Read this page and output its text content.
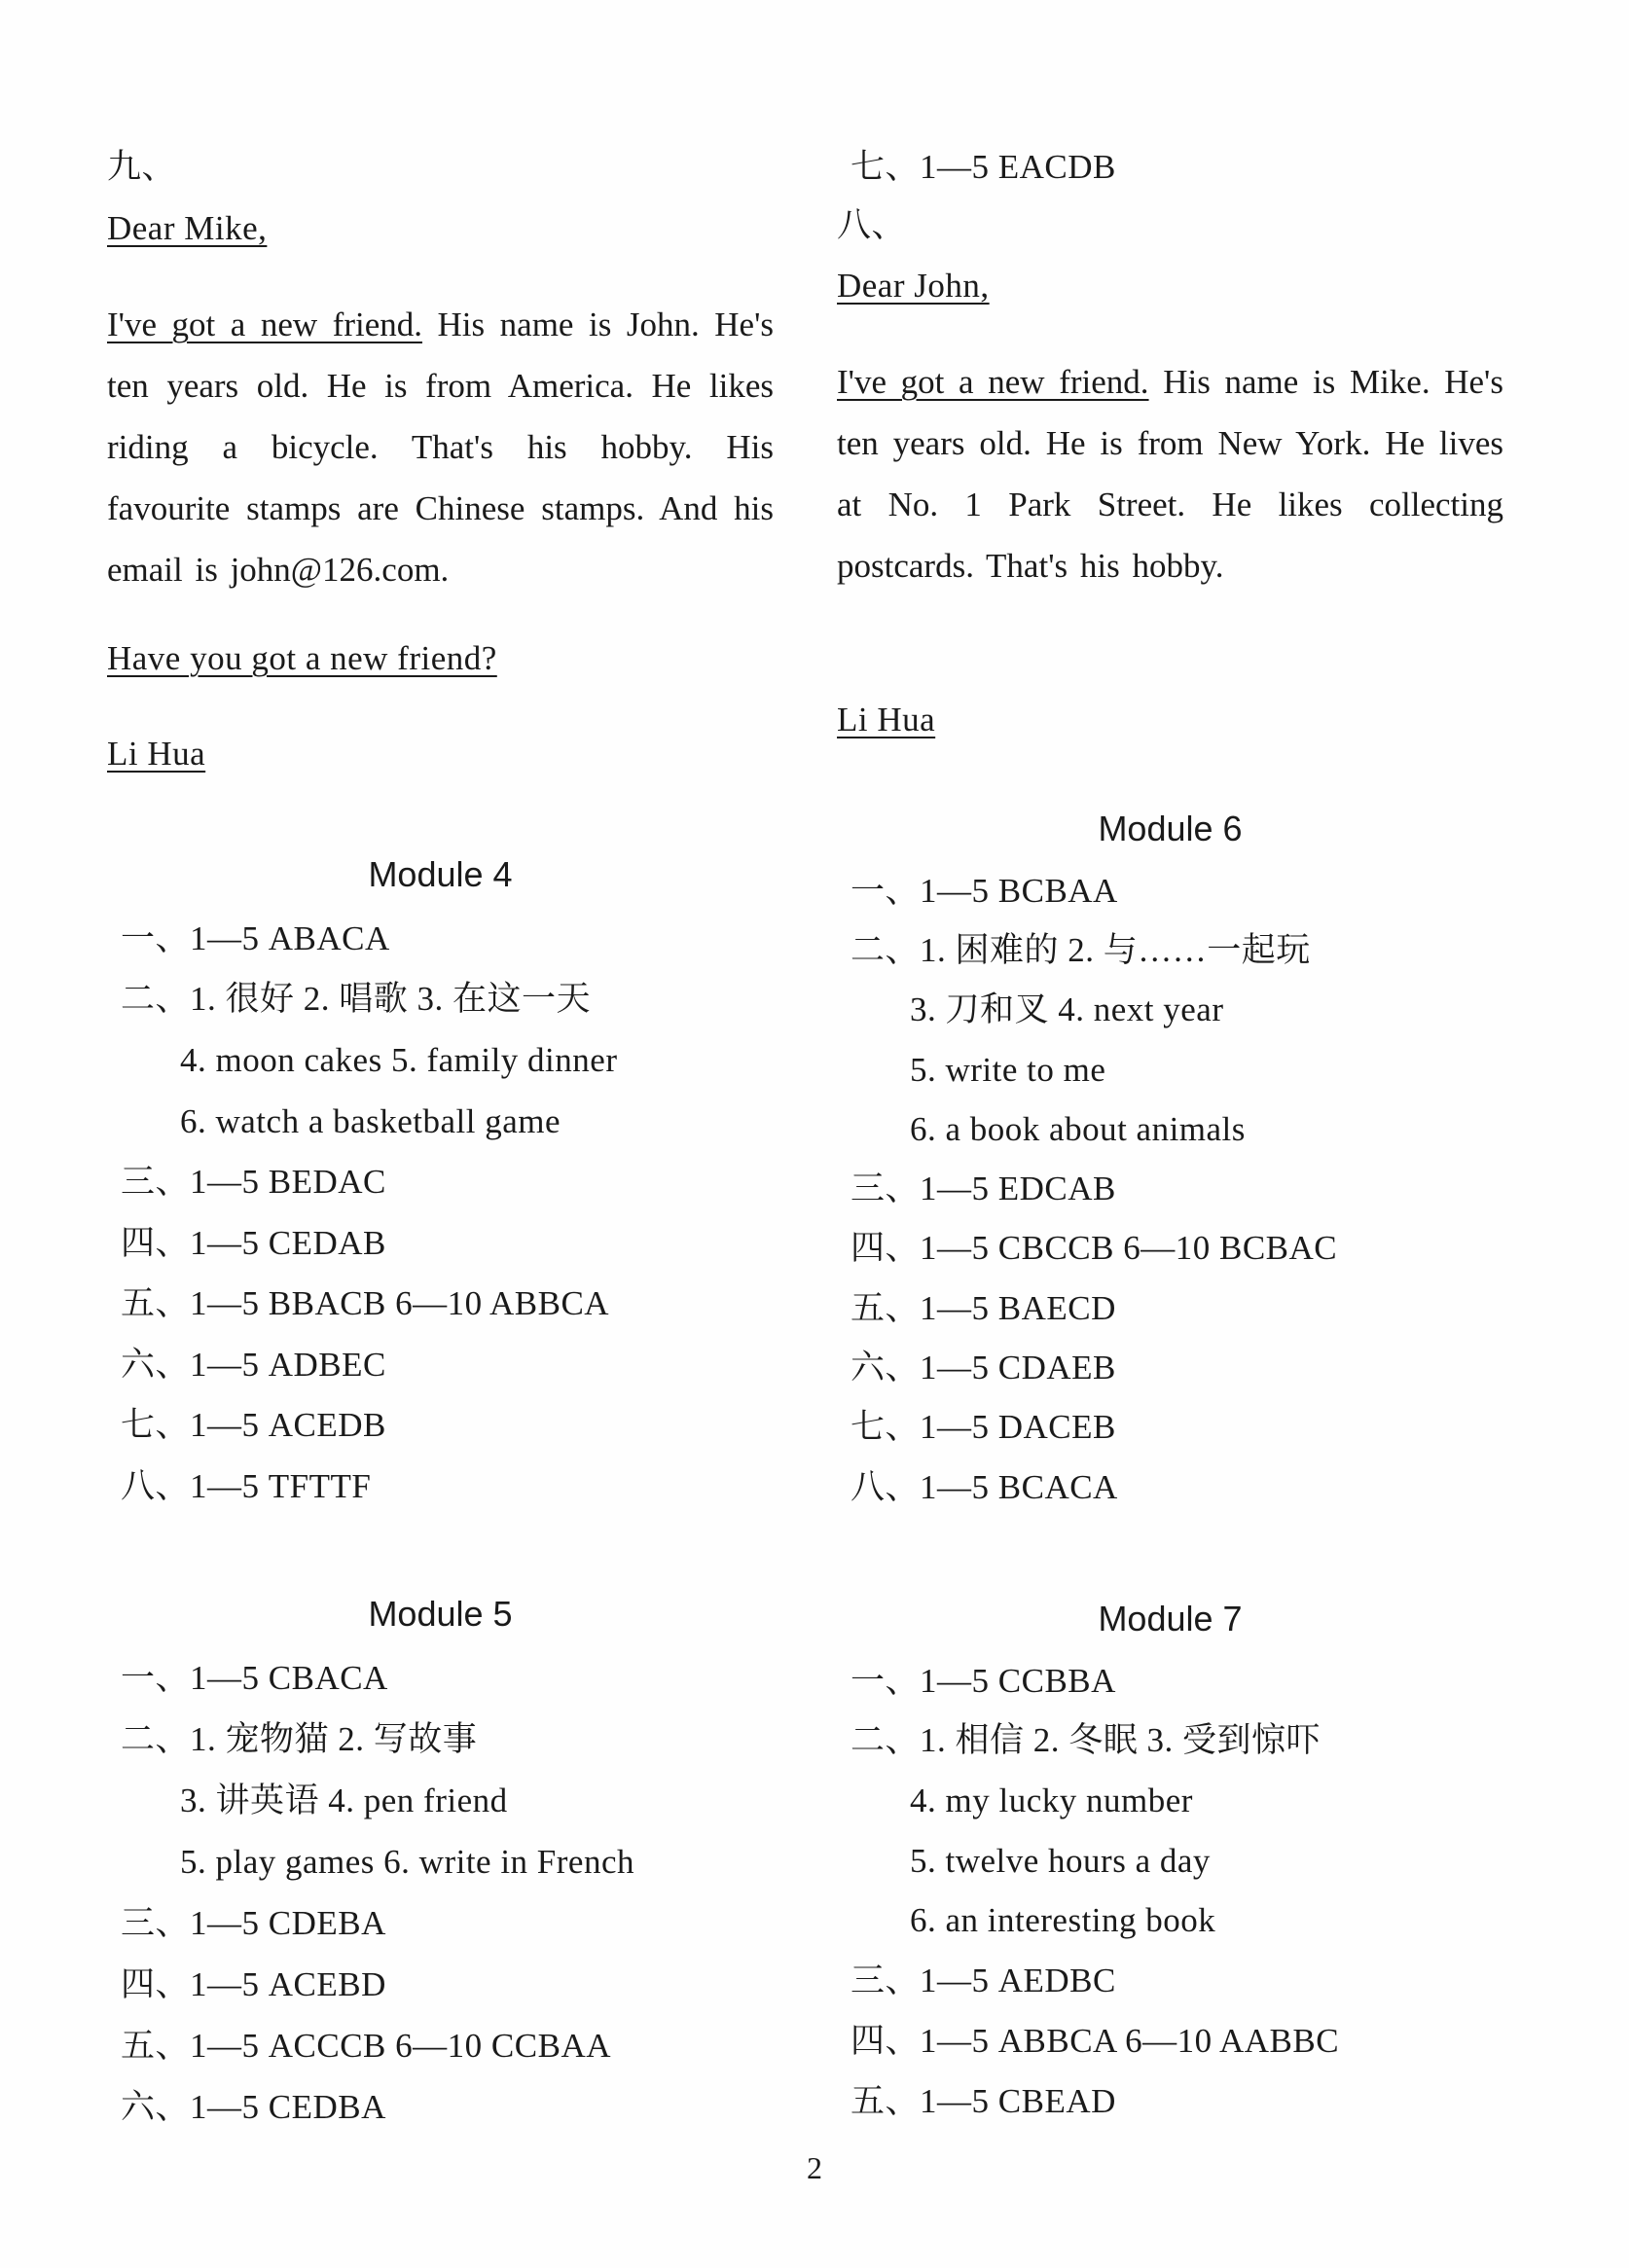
九、
Dear Mike,
I've got a new friend. His name is John. He's ten years old. He is from America. He likes riding a bicycle. That's his hobby. His favourite stamps are Chinese stamps. And his email is john@126.com.
Have you got a new friend?
Li Hua
Module 4
一、1—5 ABACA
二、1. 很好 2. 唱歌 3. 在这一天
4. moon cakes 5. family dinner
6. watch a basketball game
三、1—5 BEDAC
四、1—5 CEDAB
五、1—5 BBACB 6—10 ABBCA
六、1—5 ADBEC
七、1—5 ACEDB
八、1—5 TFTTF
Module 5
一、1—5 CBACA
二、1. 宠物猫 2. 写故事
3. 讲英语 4. pen friend
5. play games 6. write in French
三、1—5 CDEBA
四、1—5 ACEBD
五、1—5 ACCCB 6—10 CCBAA
六、1—5 CEDBA
七、1—5 EACDB
八、
Dear John,
I've got a new friend. His name is Mike. He's ten years old. He is from New York. He lives at No. 1 Park Street. He likes collecting postcards. That's his hobby.
Li Hua
Module 6
一、1—5 BCBAA
二、1. 困难的 2. 与……一起玩
3. 刀和叉 4. next year
5. write to me
6. a book about animals
三、1—5 EDCAB
四、1—5 CBCCB 6—10 BCBAC
五、1—5 BAECD
六、1—5 CDAEB
七、1—5 DACEB
八、1—5 BCACA
Module 7
一、1—5 CCBBA
二、1. 相信 2. 冬眠 3. 受到惊吓
4. my lucky number
5. twelve hours a day
6. an interesting book
三、1—5 AEDBC
四、1—5 ABBCA 6—10 AABBC
五、1—5 CBEAD
2
